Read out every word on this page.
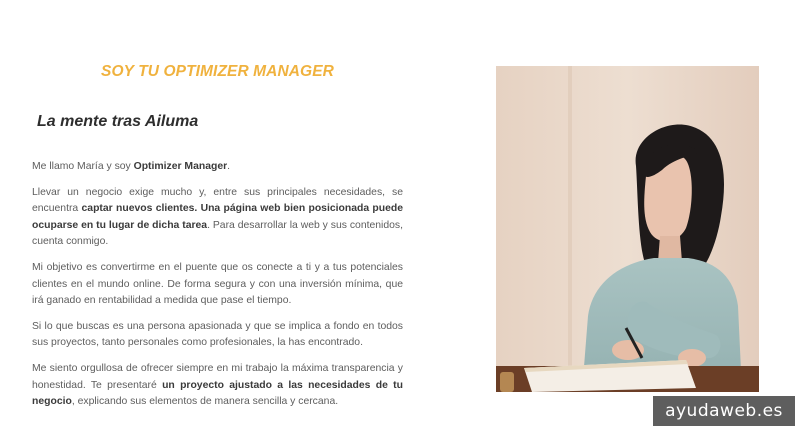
SOY TU OPTIMIZER MANAGER
La mente tras Ailuma

Me llamo María y soy Optimizer Manager.

Llevar un negocio exige mucho y, entre sus principales necesidades, se encuentra captar nuevos clientes. Una página web bien posicionada puede ocuparse en tu lugar de dicha tarea. Para desarrollar la web y sus contenidos, cuenta conmigo.

Mi objetivo es convertirme en el puente que os conecte a ti y a tus potenciales clientes en el mundo online. De forma segura y con una inversión mínima, que irá ganado en rentabilidad a medida que pase el tiempo.

Si lo que buscas es una persona apasionada y que se implica a fondo en todos sus proyectos, tanto personales como profesionales, la has encontrado.

Me siento orgullosa de ofrecer siempre en mi trabajo la máxima transparencia y honestidad. Te presentaré un proyecto ajustado a las necesidades de tu negocio, explicando sus elementos de manera sencilla y cercana.	ayudaweb.es
